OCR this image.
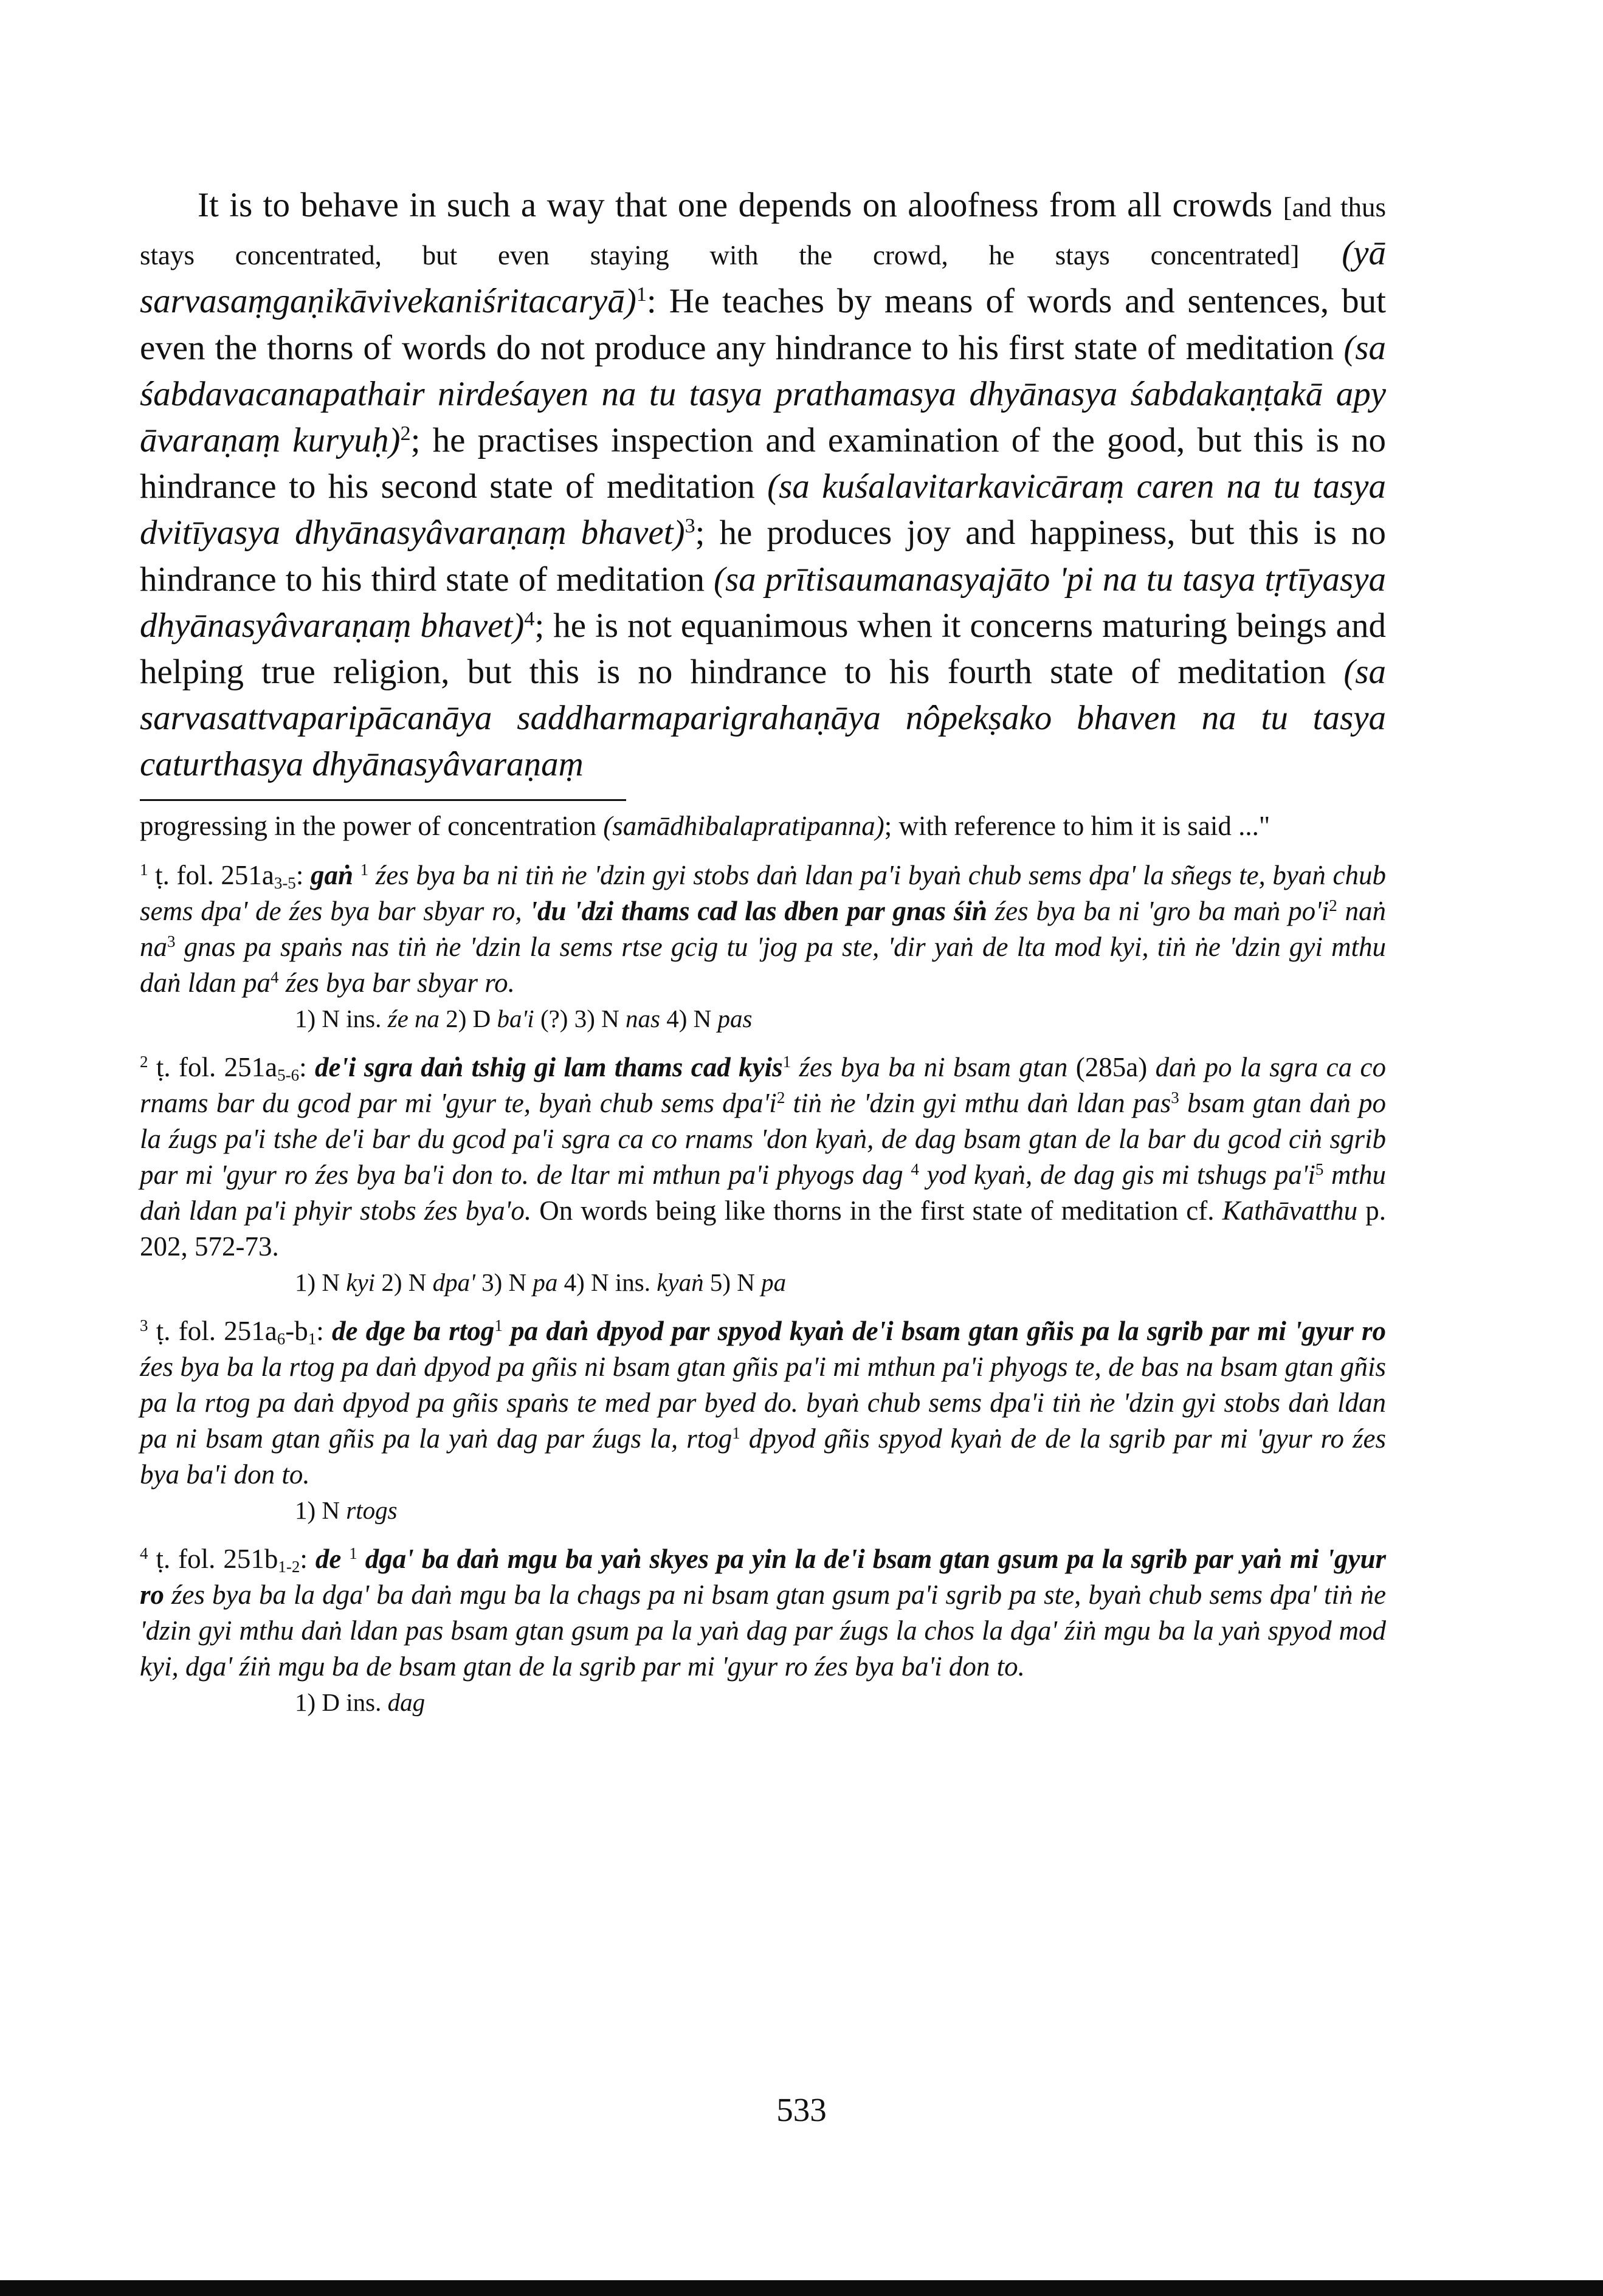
It is to behave in such a way that one depends on aloofness from all crowds [and thus stays concentrated, but even staying with the crowd, he stays concentrated] (yā sarvasaṃgaṇikāvivekaniśritacaryā)$^1$: He teaches by means of words and sentences, but even the thorns of words do not produce any hindrance to his first state of meditation (sa śabdavacanapathair nirdeśayen na tu tasya prathamasya dhyānasya śabdakaṇṭakā apy āvaraṇaṃ kuryuḥ)$^2$; he practises inspection and examination of the good, but this is no hindrance to his second state of meditation (sa kuśalavitarkavicāraṃ caren na tu tasya dvitīyasya dhyānasyâvaraṇaṃ bhavet)$^3$; he produces joy and happiness, but this is no hindrance to his third state of meditation (sa prītisaumanasyajāto 'pi na tu tasya tṛtīyasya dhyānasyâvaraṇaṃ bhavet)$^4$; he is not equanimous when it concerns maturing beings and helping true religion, but this is no hindrance to his fourth state of meditation (sa sarvasattvaparipācanāya saddharmaparigrahaṇāya nôpekṣako bhaven na tu tasya caturthasya dhyānasyâvaraṇaṃ

progressing in the power of concentration (samādhibalapratipanna); with reference to him it is said ..."

$^1$ ṭ. fol. $251a_{3-5}$: gaṅ $^1$ źes bya ba ni tiṅ ṅe 'dzin gyi stobs daṅ ldan pa'i byaṅ chub sems dpa' la sñegs te, byaṅ chub sems dpa' de źes bya bar sbyar ro, 'du 'dzi thams cad las dben par gnas śiṅ źes bya ba ni 'gro ba maṅ $po'i^2$ naṅ $na^3$ gnas pa spaṅs nas tiṅ ṅe 'dzin la sems rtse gcig tu 'jog pa ste, 'dir yaṅ de lta mod kyi, tiṅ ṅe 'dzin gyi mthu daṅ ldan $pa^4$ źes bya bar sbyar ro.

1) N ins. źe na 2) D ba'i (?) 3) N nas 4) N pas

$^2$ ṭ. fol. $251a_{5-6}$: de'i sgra daṅ tshig gi lam thams cad kyis$^1$ źes bya ba ni bsam gtan (285a) daṅ po la sgra ca co rnams bar du gcod par mi 'gyur te, byaṅ chub sems $dpa'i^2$ tiṅ ṅe 'dzin gyi mthu daṅ ldan pas$^3$ bsam gtan daṅ po la źugs pa'i tshe de'i bar du gcod pa'i sgra ca co rnams 'don kyaṅ, de dag bsam gtan de la bar du gcod ciṅ sgrib par mi 'gyur ro źes bya ba'i don to. de ltar mi mthun pa'i phyogs dag $^4$ yod kyaṅ, de dag gis mi tshugs $pa'i^5$ mthu daṅ ldan pa'i phyir stobs źes bya'o. On words being like thorns in the first state of meditation cf. Kathāvatthu p. 202, 572-73.

1) N kyi 2) N dpa' 3) N pa 4) N ins. kyaṅ 5) N pa

$^3$ ṭ. fol. $251a_6-b_1$: de dge ba rtog$^1$ pa daṅ dpyod par spyod kyaṅ de'i bsam gtan gñis pa la sgrib par mi 'gyur ro źes bya ba la rtog pa daṅ dpyod pa gñis ni bsam gtan gñis pa'i mi mthun pa'i phyogs te, de bas na bsam gtan gñis pa la rtog pa daṅ dpyod pa gñis spaṅs te med par byed do. byaṅ chub sems dpa'i tiṅ ṅe 'dzin gyi stobs daṅ ldan pa ni bsam gtan gñis pa la yaṅ dag par źugs la, rtog$^1$ dpyod gñis spyod kyaṅ de de la sgrib par mi 'gyur ro źes bya ba'i don to.

1) N rtogs

$^4$ ṭ. fol. $251b_{1-2}$: de $^1$ dga' ba daṅ mgu ba yaṅ skyes pa yin la de'i bsam gtan gsum pa la sgrib par yaṅ mi 'gyur ro źes bya ba la dga' ba daṅ mgu ba la chags pa ni bsam gtan gsum pa'i sgrib pa ste, byaṅ chub sems dpa' tiṅ ṅe 'dzin gyi mthu daṅ ldan pas bsam gtan gsum pa la yaṅ dag par źugs la chos la dga' źiṅ mgu ba la yaṅ spyod mod kyi, dga' źiṅ mgu ba de bsam gtan de la sgrib par mi 'gyur ro źes bya ba'i don to.

1) D ins. dag

533
